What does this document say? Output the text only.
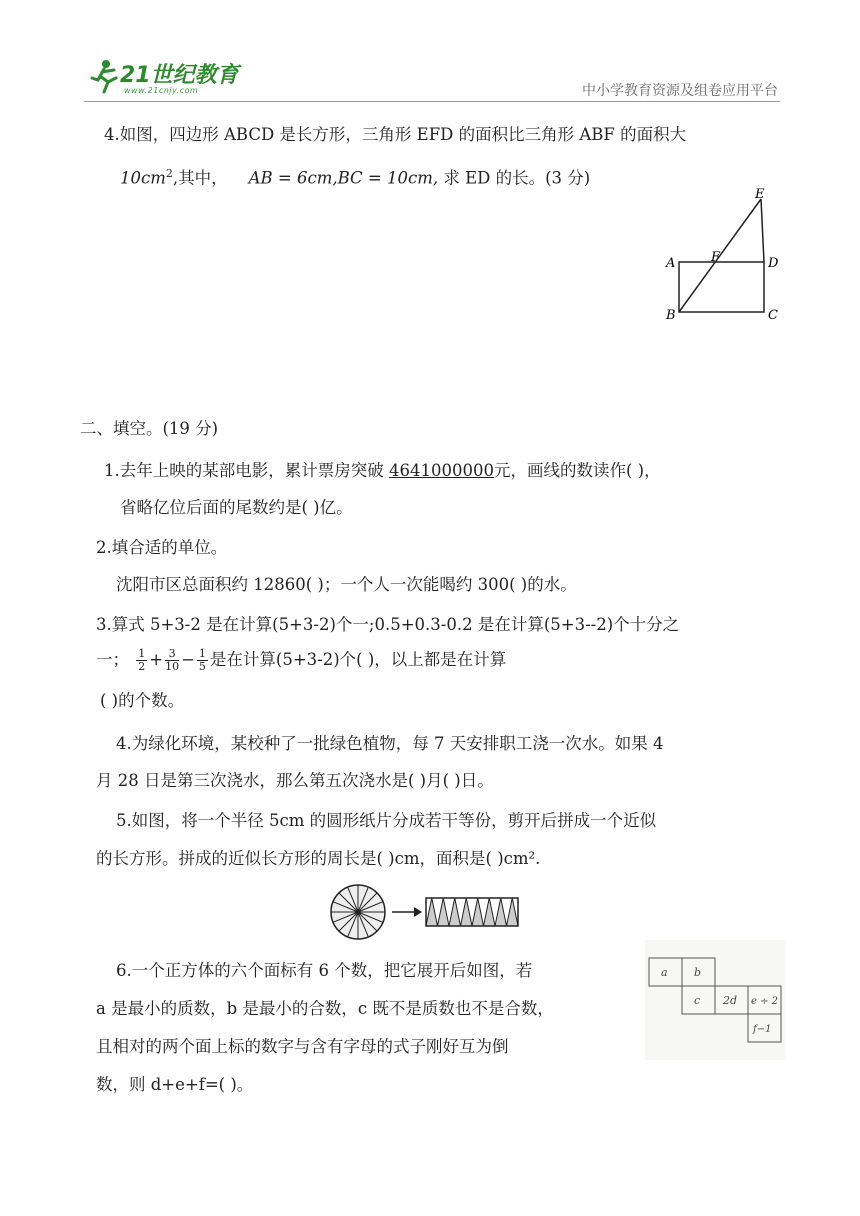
21世纪教育
www.21cnjy.com	中小学教育资源及组卷应用平台
4.如图，四边形 ABCD 是长方形，三角形 EFD 的面积比三角形 ABF 的面积大
$10cm^2$,其中， AB = 6cm,BC = 10cm, 求 ED 的长。(3 分)
E
A	F	D
B	C
二、填空。(19 分)
1.去年上映的某部电影，累计票房突破 4641000000元，画线的数读作( )，
省略亿位后面的尾数约是( )亿。
2.填合适的单位。
沈阳市区总面积约 12860( )；一个人一次能喝约 300( )的水。
3.算式 5+3-2 是在计算(5+3-2)个一;0.5+0.3-0.2 是在计算(5+3--2)个十分之
一； $\frac{1}{2} + \frac{3}{10} - \frac{1}{5}$ 是在计算(5+3-2)个( )，以上都是在计算
( )的个数。
4.为绿化环境，某校种了一批绿色植物，每 7 天安排职工浇一次水。如果 4
月 28 日是第三次浇水，那么第五次浇水是( )月( )日。
5.如图，将一个半径 5cm 的圆形纸片分成若干等份，剪开后拼成一个近似
的长方形。拼成的近似长方形的周长是( )cm，面积是( )cm².
6.一个正方体的六个面标有 6 个数，把它展开后如图，若
a 是最小的质数，b 是最小的合数，c 既不是质数也不是合数，
且相对的两个面上标的数字与含有字母的式子刚好互为倒
数，则 d+e+f=( )。
a b
c 2d e ÷ 2
f−1
